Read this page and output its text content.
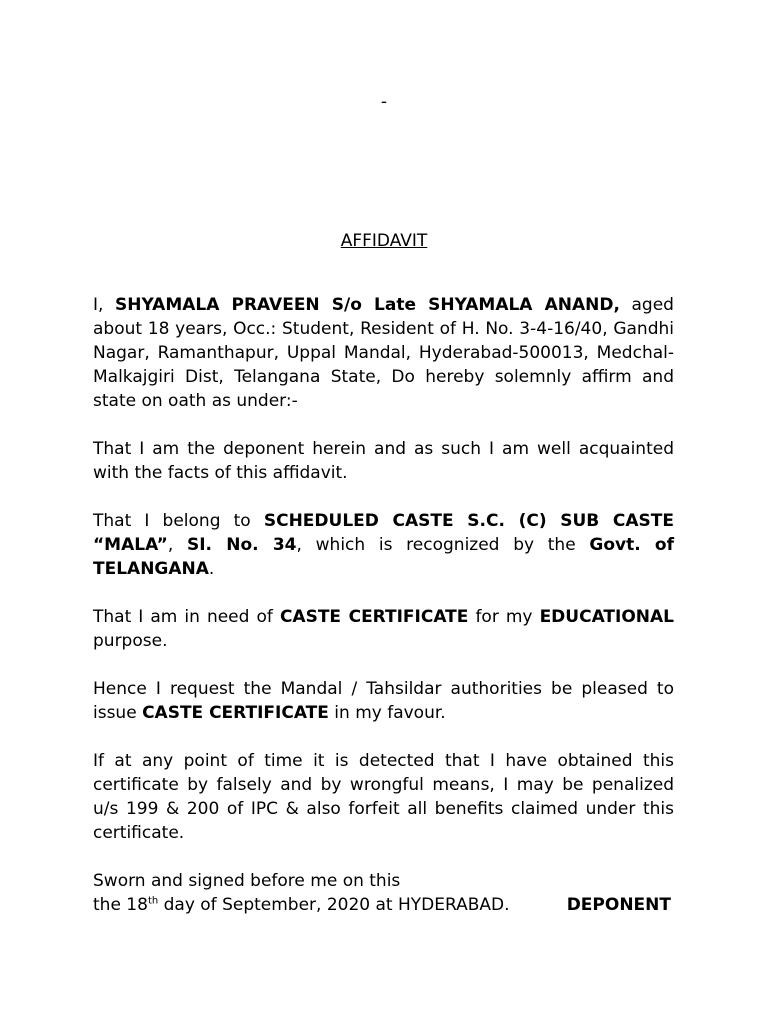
-
AFFIDAVIT

I, SHYAMALA PRAVEEN S/o Late SHYAMALA ANAND, aged about 18 years, Occ.: Student, Resident of H. No. 3-4-16/40, Gandhi Nagar, Ramanthapur, Uppal Mandal, Hyderabad-500013, Medchal-Malkajgiri Dist, Telangana State, Do hereby solemnly affirm and state on oath as under:-

That I am the deponent herein and as such I am well acquainted with the facts of this affidavit.

That I belong to SCHEDULED CASTE S.C. (C) SUB CASTE “MALA”, SI. No. 34, which is recognized by the Govt. of TELANGANA.

That I am in need of CASTE CERTIFICATE for my EDUCATIONAL purpose.

Hence I request the Mandal / Tahsildar authorities be pleased to issue CASTE CERTIFICATE in my favour.

If at any point of time it is detected that I have obtained this certificate by falsely and by wrongful means, I may be penalized u/s 199 & 200 of IPC & also forfeit all benefits claimed under this certificate.

Sworn and signed before me on this
the 18th day of September, 2020 at HYDERABAD.	DEPONENT
